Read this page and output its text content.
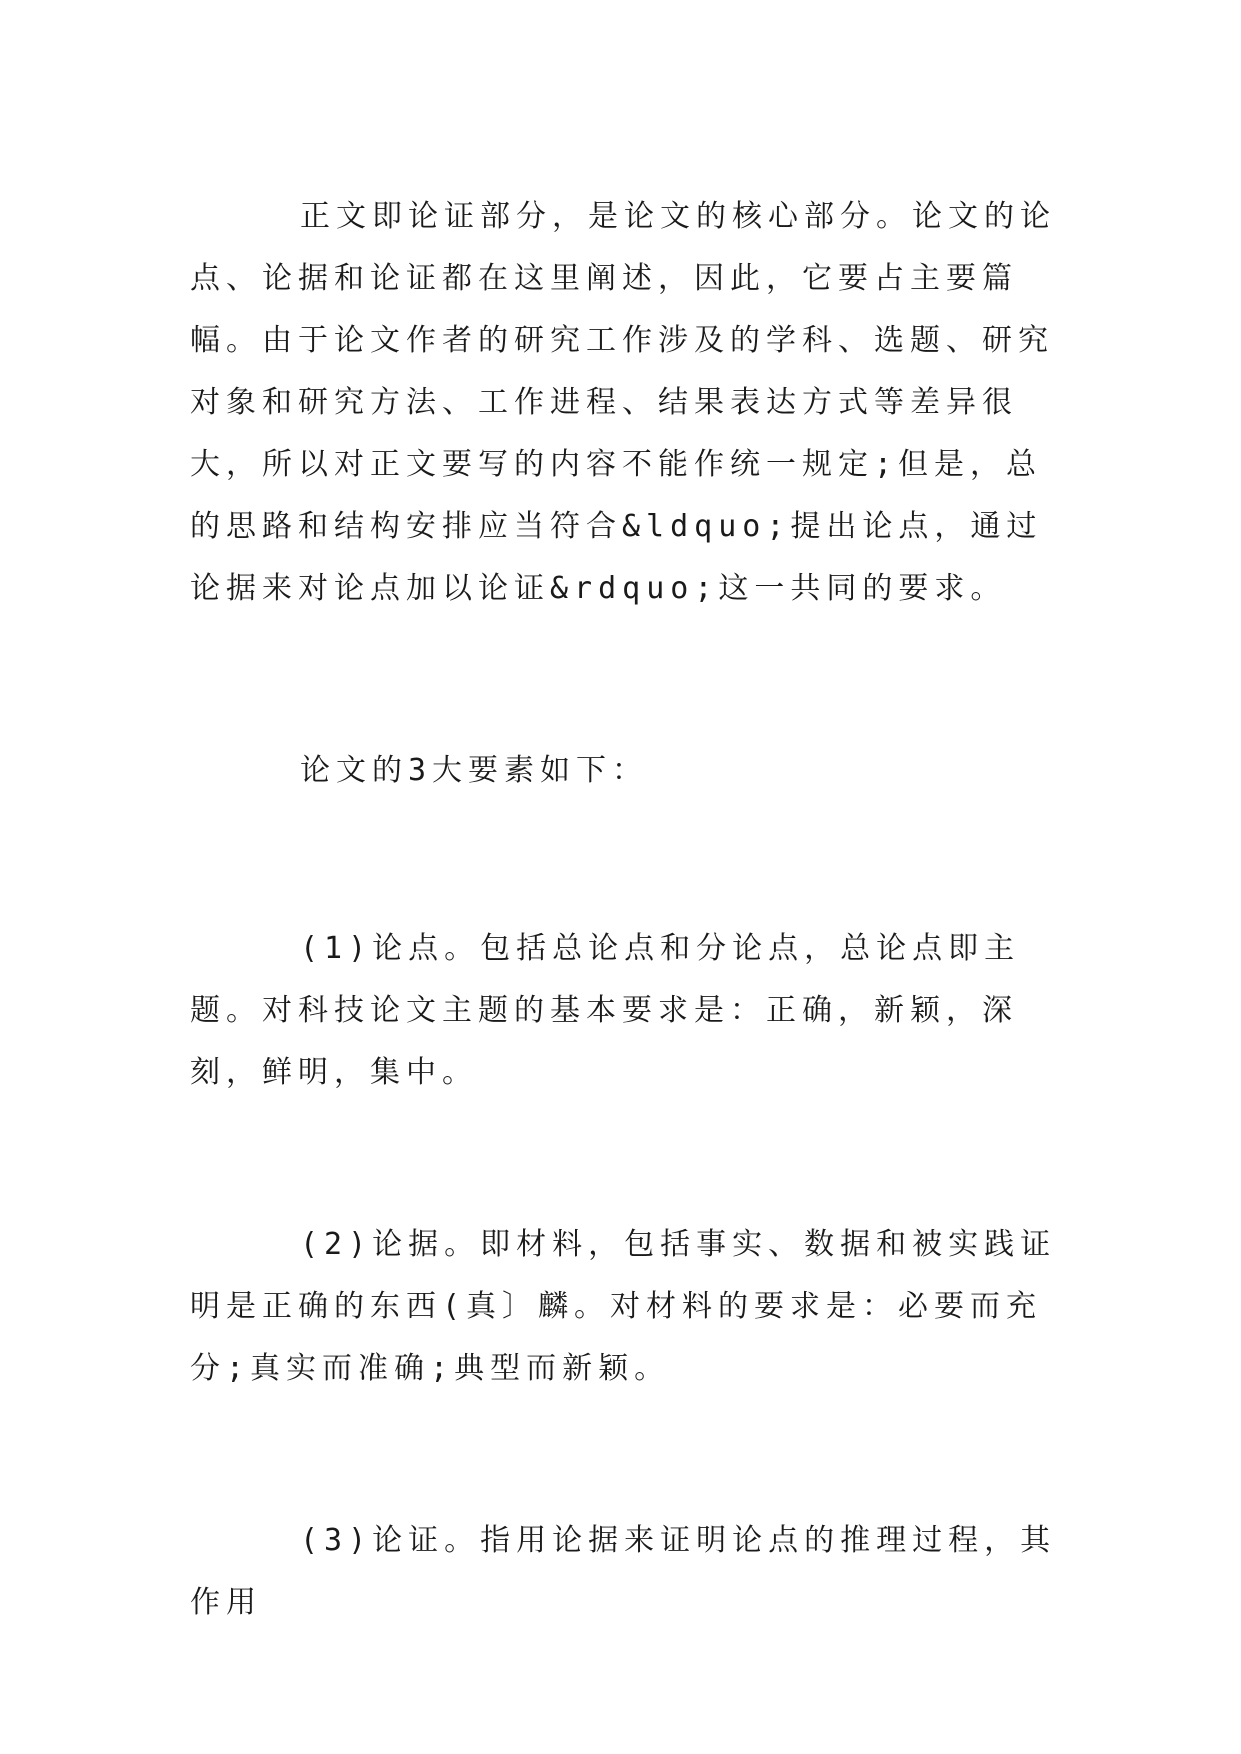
正文即论证部分，是论文的核心部分。论文的论点、论据和论证都在这里阐述，因此，它要占主要篇幅。由于论文作者的研究工作涉及的学科、选题、研究对象和研究方法、工作进程、结果表达方式等差异很大，所以对正文要写的内容不能作统一规定;但是，总的思路和结构安排应当符合&ldquo;提出论点，通过论据来对论点加以论证&rdquo;这一共同的要求。

论文的3大要素如下：

(1)论点。包括总论点和分论点，总论点即主题。对科技论文主题的基本要求是：正确，新颖，深刻，鲜明，集中。

(2)论据。即材料，包括事实、数据和被实践证明是正确的东西(真〕麟。对材料的要求是：必要而充分;真实而准确;典型而新颖。

(3)论证。指用论据来证明论点的推理过程，其作用
